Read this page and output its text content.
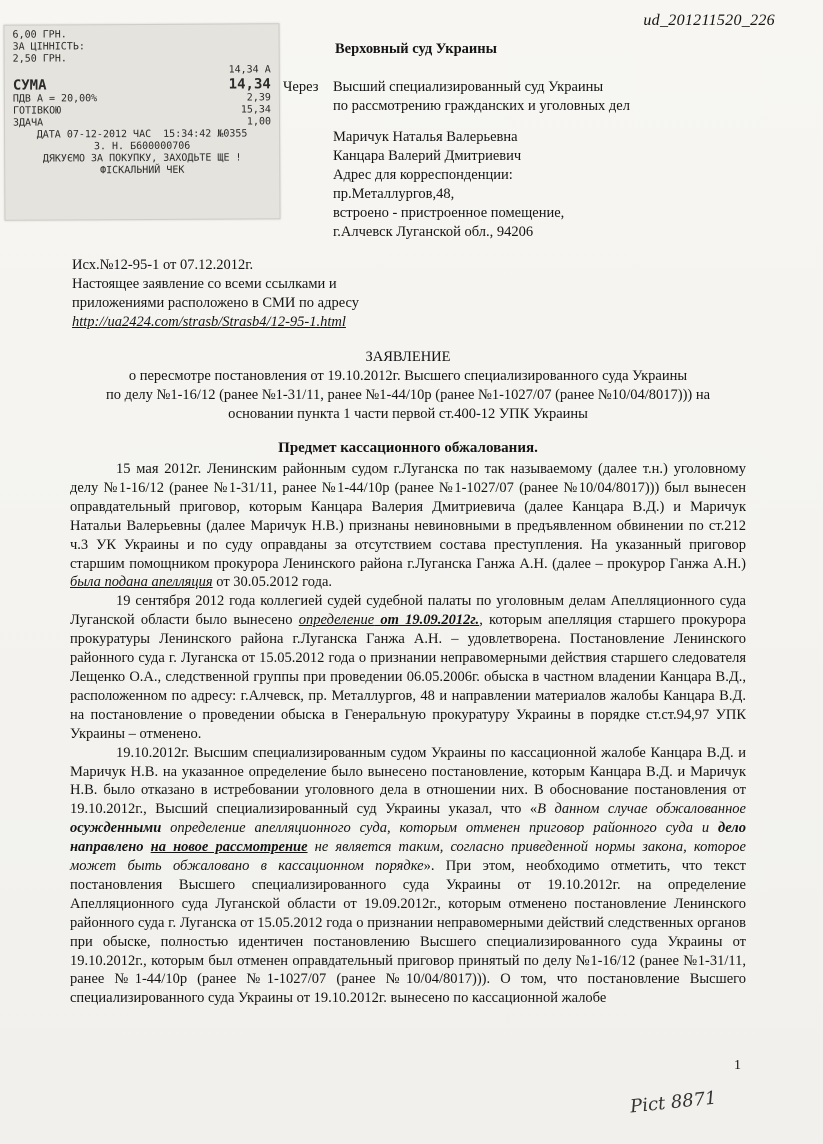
ud_201211520_226
6,00 ГРН.
ЗА ЦІННІСТЬ:
2,50 ГРН.
14,34 А
СУМА	14,34
ПДВ А = 20,00%	2,39
ГОТІВКОЮ	15,34
ЗДАЧА	1,00
ДАТА 07-12-2012 ЧАС  15:34:42 №0355
З. Н. Б600000706
ДЯКУЄМО ЗА ПОКУПКУ, ЗАХОДЬТЕ ЩЕ !
ФІСКАЛЬНИЙ ЧЕК
Верховный суд Украины
Через Высший специализированный суд Украины
по рассмотрению гражданских и уголовных дел
Маричук Наталья Валерьевна
Канцара Валерий Дмитриевич
Адрес для корреспонденции:
пр.Металлургов,48,
встроено - пристроенное помещение,
г.Алчевск Луганской обл., 94206
Исх.№12-95-1 от 07.12.2012г.
Настоящее заявление со всеми ссылками и
приложениями расположено в СМИ по адресу
http://ua2424.com/strasb/Strasb4/12-95-1.html
ЗАЯВЛЕНИЕ
о пересмотре постановления от 19.10.2012г. Высшего специализированного суда Украины
по делу №1-16/12 (ранее №1-31/11, ранее №1-44/10р (ранее №1-1027/07 (ранее №10/04/8017))) на
основании пункта 1 части первой ст.400-12 УПК Украины
Предмет кассационного обжалования.

15 мая 2012г. Ленинским районным судом г.Луганска по так называемому (далее т.н.) уголовному делу №1-16/12 (ранее №1-31/11, ранее №1-44/10р (ранее №1-1027/07 (ранее №10/04/8017))) был вынесен оправдательный приговор, которым Канцара Валерия Дмитриевича (далее Канцара В.Д.) и Маричук Натальи Валерьевны (далее Маричук Н.В.) признаны невиновными в предъявленном обвинении по ст.212 ч.3 УК Украины и по суду оправданы за отсутствием состава преступления. На указанный приговор старшим помощником прокурора Ленинского района г.Луганска Ганжа А.Н. (далее – прокурор Ганжа А.Н.) была подана апелляция от 30.05.2012 года.

19 сентября 2012 года коллегией судей судебной палаты по уголовным делам Апелляционного суда Луганской области было вынесено определение от 19.09.2012г., которым апелляция старшего прокурора прокуратуры Ленинского района г.Луганска Ганжа А.Н. – удовлетворена. Постановление Ленинского районного суда г. Луганска от 15.05.2012 года о признании неправомерными действия старшего следователя Лещенко О.А., следственной группы при проведении 06.05.2006г. обыска в частном владении Канцара В.Д., расположенном по адресу: г.Алчевск, пр. Металлургов, 48 и направлении материалов жалобы Канцара В.Д. на постановление о проведении обыска в Генеральную прокуратуру Украины в порядке ст.ст.94,97 УПК Украины – отменено.

19.10.2012г. Высшим специализированным судом Украины по кассационной жалобе Канцара В.Д. и Маричук Н.В. на указанное определение было вынесено постановление, которым Канцара В.Д. и Маричук Н.В. было отказано в истребовании уголовного дела в отношении них. В обоснование постановления от 19.10.2012г., Высший специализированный суд Украины указал, что «В данном случае обжалованное осужденными определение апелляционного суда, которым отменен приговор районного суда и дело направлено на новое рассмотрение не является таким, согласно приведенной нормы закона, которое может быть обжаловано в кассационном порядке». При этом, необходимо отметить, что текст постановления Высшего специализированного суда Украины от 19.10.2012г. на определение Апелляционного суда Луганской области от 19.09.2012г., которым отменено постановление Ленинского районного суда г. Луганска от 15.05.2012 года о признании неправомерными действий следственных органов при обыске, полностью идентичен постановлению Высшего специализированного суда Украины от 19.10.2012г., которым был отменен оправдательный приговор принятый по делу №1-16/12 (ранее №1-31/11, ранее №1-44/10р (ранее №1-1027/07 (ранее №10/04/8017))). О том, что постановление Высшего специализированного суда Украины от 19.10.2012г. вынесено по кассационной жалобе

1
Pict 8871
